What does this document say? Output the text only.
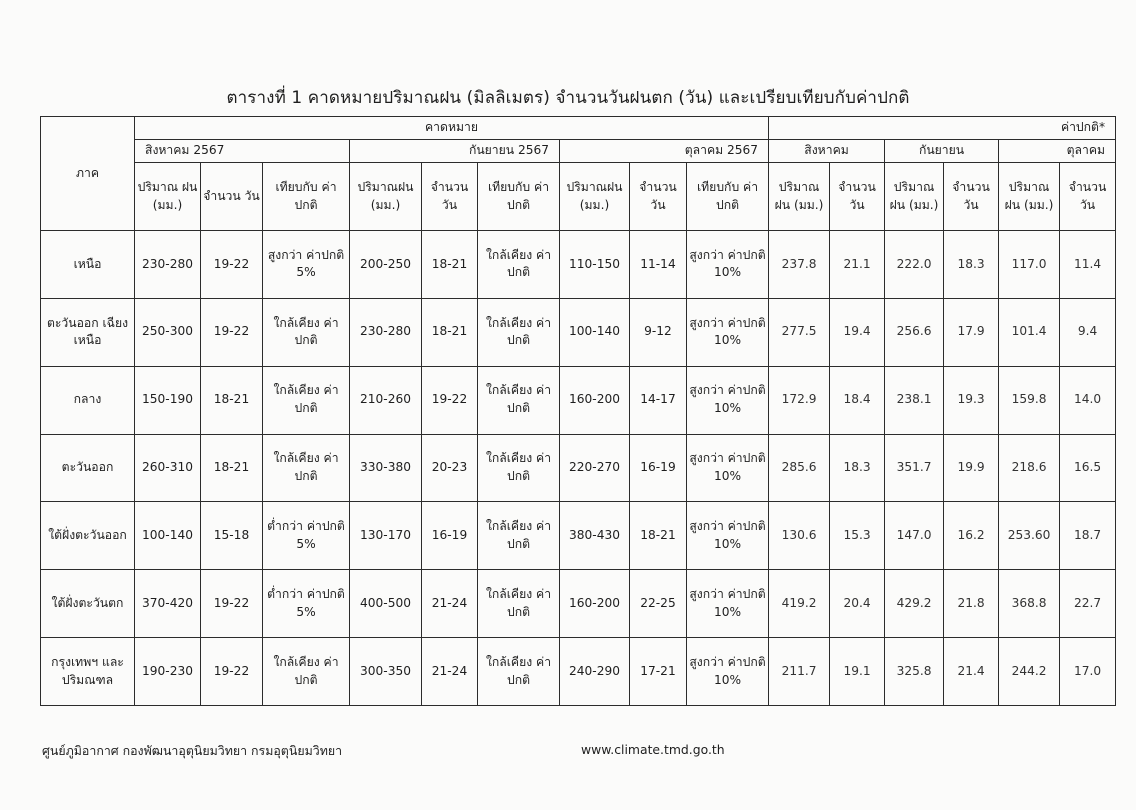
ตารางที่ 1 คาดหมายปริมาณฝน (มิลลิเมตร) จำนวนวันฝนตก (วัน) และเปรียบเทียบกับค่าปกติ
ภาค	คาดหมาย									ค่าปกติ*					
	สิงหาคม 2567			กันยายน 2567			ตุลาคม 2567			สิงหาคม		กันยายน		ตุลาคม	
	ปริมาณ ฝน (มม.)	จำนวน วัน	เทียบกับ ค่าปกติ	ปริมาณฝน (มม.)	จำนวน วัน	เทียบกับ ค่าปกติ	ปริมาณฝน (มม.)	จำนวน วัน	เทียบกับ ค่าปกติ	ปริมาณ ฝน (มม.)	จำนวน วัน	ปริมาณ ฝน (มม.)	จำนวน วัน	ปริมาณ ฝน (มม.)	จำนวน วัน
เหนือ	230-280	19-22	สูงกว่า ค่าปกติ 5%	200-250	18-21	ใกล้เคียง ค่าปกติ	110-150	11-14	สูงกว่า ค่าปกติ 10%	237.8	21.1	222.0	18.3	117.0	11.4
ตะวันออก เฉียงเหนือ	250-300	19-22	ใกล้เคียง ค่าปกติ	230-280	18-21	ใกล้เคียง ค่าปกติ	100-140	9-12	สูงกว่า ค่าปกติ 10%	277.5	19.4	256.6	17.9	101.4	9.4
กลาง	150-190	18-21	ใกล้เคียง ค่าปกติ	210-260	19-22	ใกล้เคียง ค่าปกติ	160-200	14-17	สูงกว่า ค่าปกติ 10%	172.9	18.4	238.1	19.3	159.8	14.0
ตะวันออก	260-310	18-21	ใกล้เคียง ค่าปกติ	330-380	20-23	ใกล้เคียง ค่าปกติ	220-270	16-19	สูงกว่า ค่าปกติ 10%	285.6	18.3	351.7	19.9	218.6	16.5
ใต้ฝั่งตะวันออก	100-140	15-18	ต่ำกว่า ค่าปกติ 5%	130-170	16-19	ใกล้เคียง ค่าปกติ	380-430	18-21	สูงกว่า ค่าปกติ 10%	130.6	15.3	147.0	16.2	253.60	18.7
ใต้ฝั่งตะวันตก	370-420	19-22	ต่ำกว่า ค่าปกติ 5%	400-500	21-24	ใกล้เคียง ค่าปกติ	160-200	22-25	สูงกว่า ค่าปกติ 10%	419.2	20.4	429.2	21.8	368.8	22.7
กรุงเทพฯ และ ปริมณฑล	190-230	19-22	ใกล้เคียง ค่าปกติ	300-350	21-24	ใกล้เคียง ค่าปกติ	240-290	17-21	สูงกว่า ค่าปกติ 10%	211.7	19.1	325.8	21.4	244.2	17.0
ศูนย์ภูมิอากาศ กองพัฒนาอุตุนิยมวิทยา กรมอุตุนิยมวิทยา	www.climate.tmd.go.th
